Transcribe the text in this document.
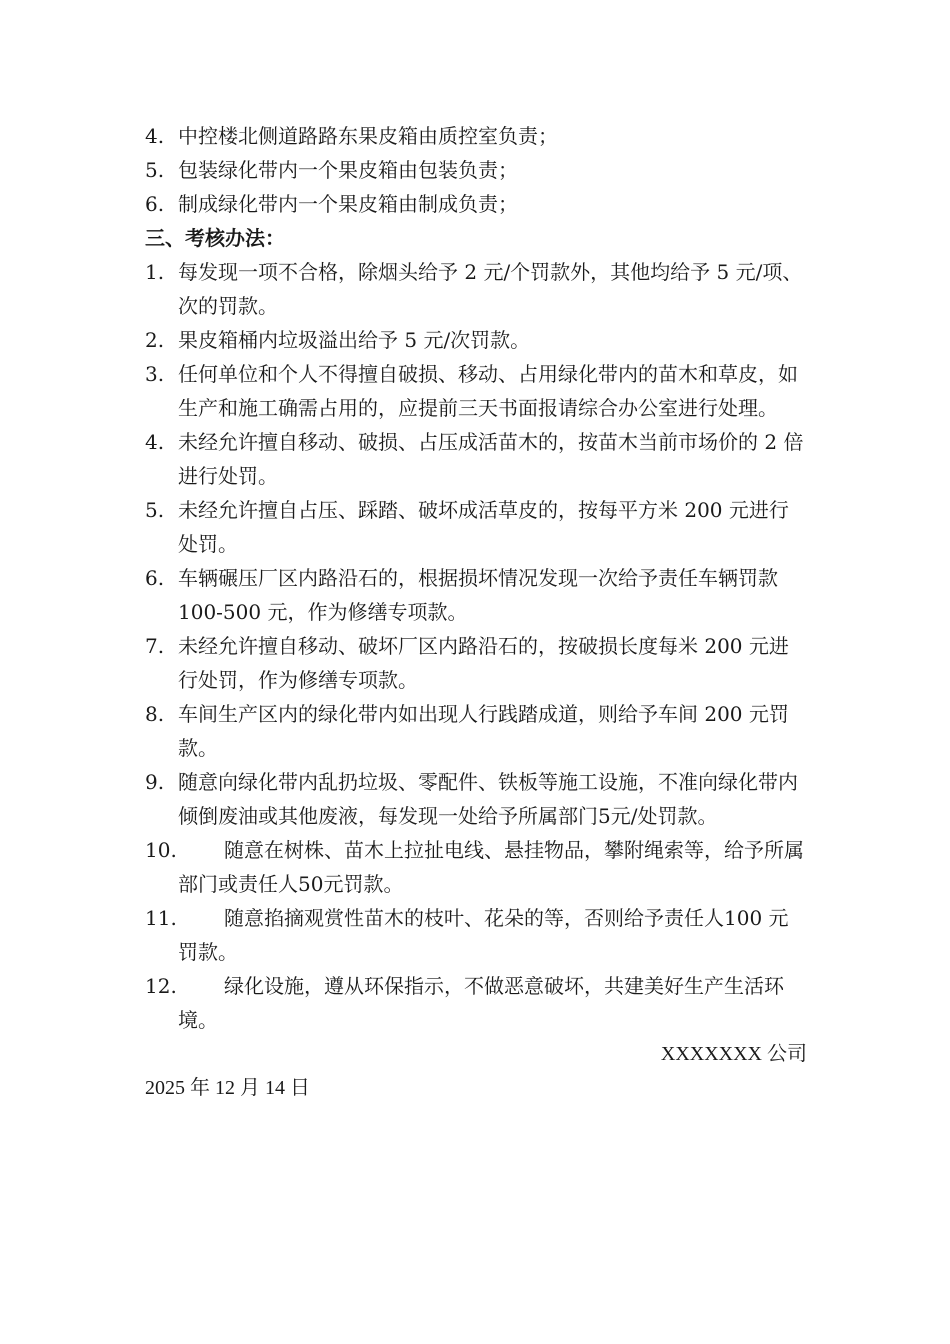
4. 中控楼北侧道路路东果皮箱由质控室负责；

5. 包装绿化带内一个果皮箱由包装负责；

6. 制成绿化带内一个果皮箱由制成负责；

三、考核办法：

1. 每发现一项不合格，除烟头给予 2 元/个罚款外，其他均给予 5 元/项、次的罚款。

2. 果皮箱桶内垃圾溢出给予 5 元/次罚款。

3. 任何单位和个人不得擅自破损、移动、占用绿化带内的苗木和草皮，如生产和施工确需占用的，应提前三天书面报请综合办公室进行处理。

4. 未经允许擅自移动、破损、占压成活苗木的，按苗木当前市场价的 2 倍进行处罚。

5. 未经允许擅自占压、踩踏、破坏成活草皮的，按每平方米 200 元进行处罚。

6. 车辆碾压厂区内路沿石的，根据损坏情况发现一次给予责任车辆罚款 100-500 元，作为修缮专项款。

7. 未经允许擅自移动、破坏厂区内路沿石的，按破损长度每米 200 元进行处罚，作为修缮专项款。

8. 车间生产区内的绿化带内如出现人行践踏成道，则给予车间 200 元罚款。

9. 随意向绿化带内乱扔垃圾、零配件、铁板等施工设施，不准向绿化带内倾倒废油或其他废液，每发现一处给予所属部门5元/处罚款。

10.	随意在树株、苗木上拉扯电线、悬挂物品，攀附绳索等，给予所属部门或责任人50元罚款。

11.	随意掐摘观赏性苗木的枝叶、花朵的等，否则给予责任人100 元罚款。

12.	绿化设施，遵从环保指示，不做恶意破坏，共建美好生产生活环境。

XXXXXXX 公司

2025 年 12 月 14 日
